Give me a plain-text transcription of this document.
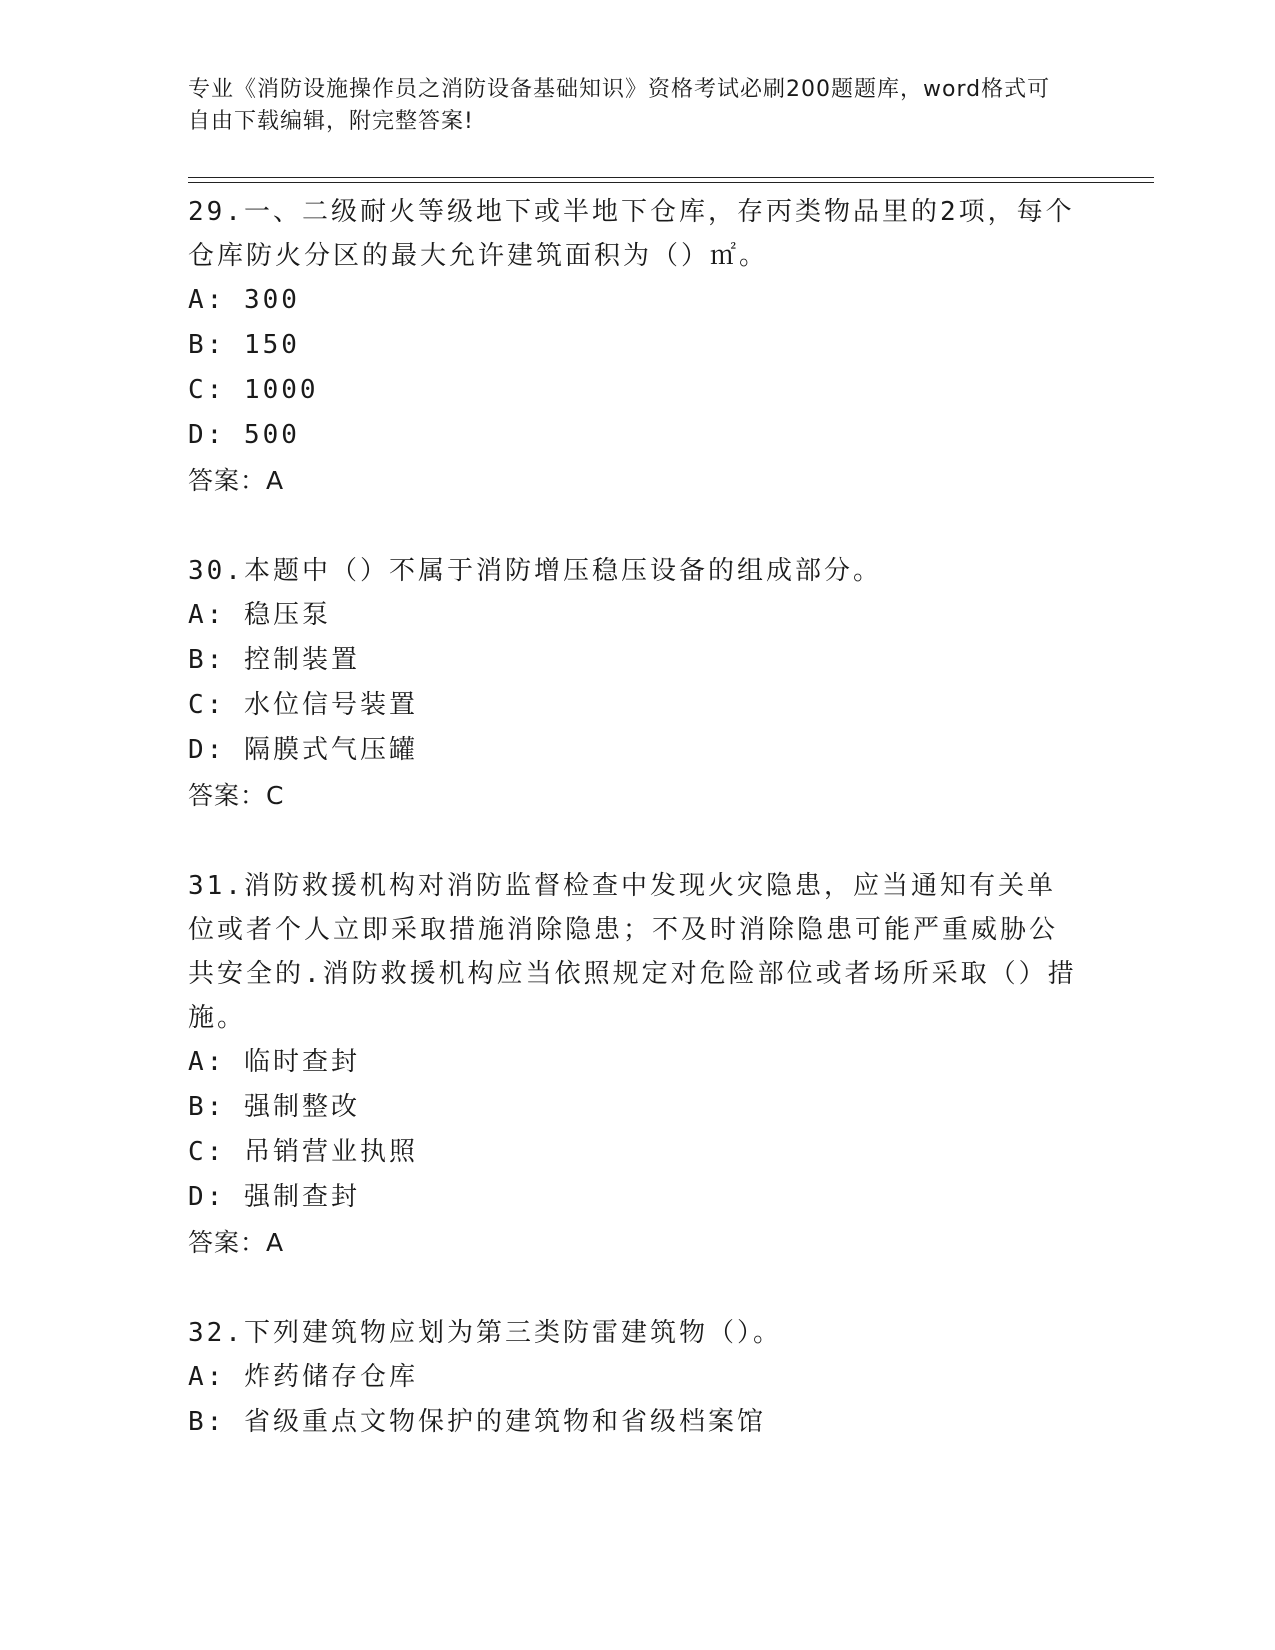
专业《消防设施操作员之消防设备基础知识》资格考试必刷200题题库，word格式可自由下载编辑，附完整答案!

29.一、二级耐火等级地下或半地下仓库，存丙类物品里的2项，每个仓库防火分区的最大允许建筑面积为（）㎡。

A: 300

B: 150

C: 1000

D: 500

答案：A

30.本题中（）不属于消防增压稳压设备的组成部分。

A: 稳压泵

B: 控制装置

C: 水位信号装置

D: 隔膜式气压罐

答案：C

31.消防救援机构对消防监督检查中发现火灾隐患，应当通知有关单位或者个人立即采取措施消除隐患；不及时消除隐患可能严重威胁公共安全的.消防救援机构应当依照规定对危险部位或者场所采取（）措施。

A: 临时查封

B: 强制整改

C: 吊销营业执照

D: 强制查封

答案：A

32.下列建筑物应划为第三类防雷建筑物（）。

A: 炸药储存仓库

B: 省级重点文物保护的建筑物和省级档案馆
